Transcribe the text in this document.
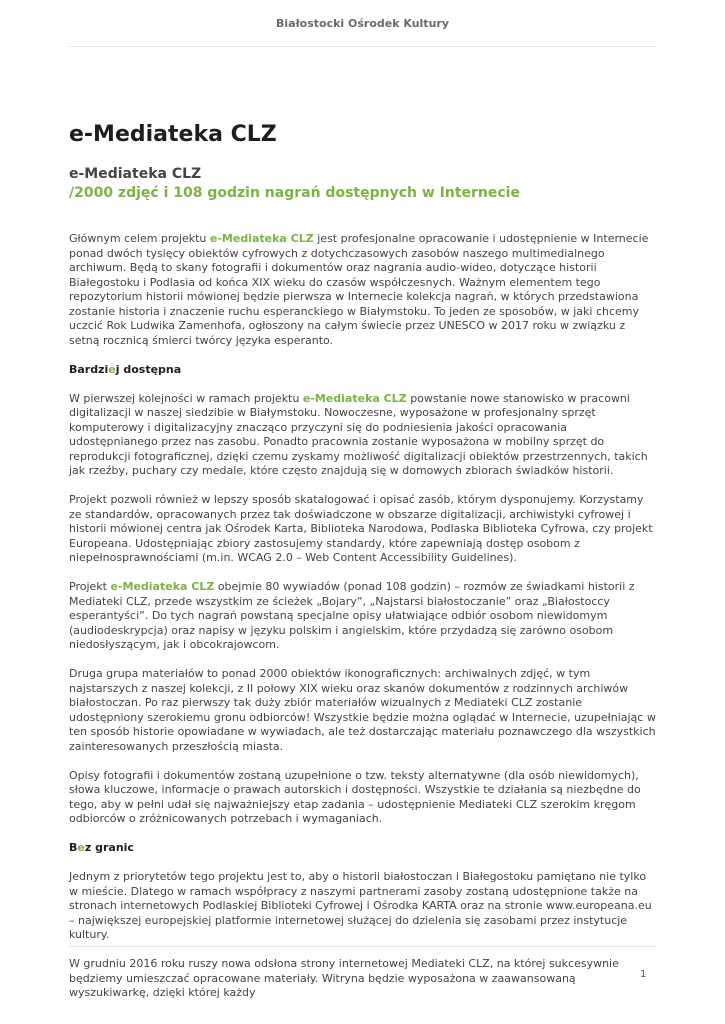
Białostocki Ośrodek Kultury
e-Mediateka CLZ
e-Mediateka CLZ
/2000 zdjęć i 108 godzin nagrań dostępnych w Internecie

Głównym celem projektu e-Mediateka CLZ jest profesjonalne opracowanie i udostępnienie w Internecie ponad dwóch tysięcy obiektów cyfrowych z dotychczasowych zasobów naszego multimedialnego archiwum. Będą to skany fotografii i dokumentów oraz nagrania audio-wideo, dotyczące historii Białegostoku i Podlasia od końca XIX wieku do czasów współczesnych. Ważnym elementem tego repozytorium historii mówionej będzie pierwsza w Internecie kolekcja nagrań, w których przedstawiona zostanie historia i znaczenie ruchu esperanckiego w Białymstoku. To jeden ze sposobów, w jaki chcemy uczcić Rok Ludwika Zamenhofa, ogłoszony na całym świecie przez UNESCO w 2017 roku w związku z setną rocznicą śmierci twórcy języka esperanto.

Bardziej dostępna

W pierwszej kolejności w ramach projektu e-Mediateka CLZ powstanie nowe stanowisko w pracowni digitalizacji w naszej siedzibie w Białymstoku. Nowoczesne, wyposażone w profesjonalny sprzęt komputerowy i digitalizacyjny znacząco przyczyni się do podniesienia jakości opracowania udostępnianego przez nas zasobu. Ponadto pracownia zostanie wyposażona w mobilny sprzęt do reprodukcji fotograficznej, dzięki czemu zyskamy możliwość digitalizacji obiektów przestrzennych, takich jak rzeźby, puchary czy medale, które często znajdują się w domowych zbiorach świadków historii.

Projekt pozwoli również w lepszy sposób skatalogować i opisać zasób, którym dysponujemy. Korzystamy ze standardów, opracowanych przez tak doświadczone w obszarze digitalizacji, archiwistyki cyfrowej i historii mówionej centra jak Ośrodek Karta, Biblioteka Narodowa, Podlaska Biblioteka Cyfrowa, czy projekt Europeana. Udostępniając zbiory zastosujemy standardy, które zapewniają dostęp osobom z niepełnosprawnościami (m.in. WCAG 2.0 – Web Content Accessibility Guidelines).

Projekt e-Mediateka CLZ obejmie 80 wywiadów (ponad 108 godzin) – rozmów ze świadkami historii z Mediateki CLZ, przede wszystkim ze ścieżek „Bojary”, „Najstarsi białostoczanie” oraz „Białostoccy esperantyści”. Do tych nagrań powstaną specjalne opisy ułatwiające odbiór osobom niewidomym (audiodeskrypcja) oraz napisy w języku polskim i angielskim, które przydadzą się zarówno osobom niedosłyszącym, jak i obcokrajowcom.

Druga grupa materiałów to ponad 2000 obiektów ikonograficznych: archiwalnych zdjęć, w tym najstarszych z naszej kolekcji, z II połowy XIX wieku oraz skanów dokumentów z rodzinnych archiwów białostoczan. Po raz pierwszy tak duży zbiór materiałów wizualnych z Mediateki CLZ zostanie udostępniony szerokiemu gronu odbiorców! Wszystkie będzie można oglądać w Internecie, uzupełniając w ten sposób historie opowiadane w wywiadach, ale też dostarczając materiału poznawczego dla wszystkich zainteresowanych przeszłością miasta.

Opisy fotografii i dokumentów zostaną uzupełnione o tzw. teksty alternatywne (dla osób niewidomych), słowa kluczowe, informacje o prawach autorskich i dostępności. Wszystkie te działania są niezbędne do tego, aby w pełni udał się najważniejszy etap zadania – udostępnienie Mediateki CLZ szerokim kręgom odbiorców o zróżnicowanych potrzebach i wymaganiach.

Bez granic

Jednym z priorytetów tego projektu jest to, aby o historii białostoczan i Białegostoku pamiętano nie tylko w mieście. Dlatego w ramach współpracy z naszymi partnerami zasoby zostaną udostępnione także na stronach internetowych Podlaskiej Biblioteki Cyfrowej i Ośrodka KARTA oraz na stronie www.europeana.eu – największej europejskiej platformie internetowej służącej do dzielenia się zasobami przez instytucje kultury.

W grudniu 2016 roku ruszy nowa odsłona strony internetowej Mediateki CLZ, na której sukcesywnie będziemy umieszczać opracowane materiały. Witryna będzie wyposażona w zaawansowaną wyszukiwarkę, dzięki której każdy

1
